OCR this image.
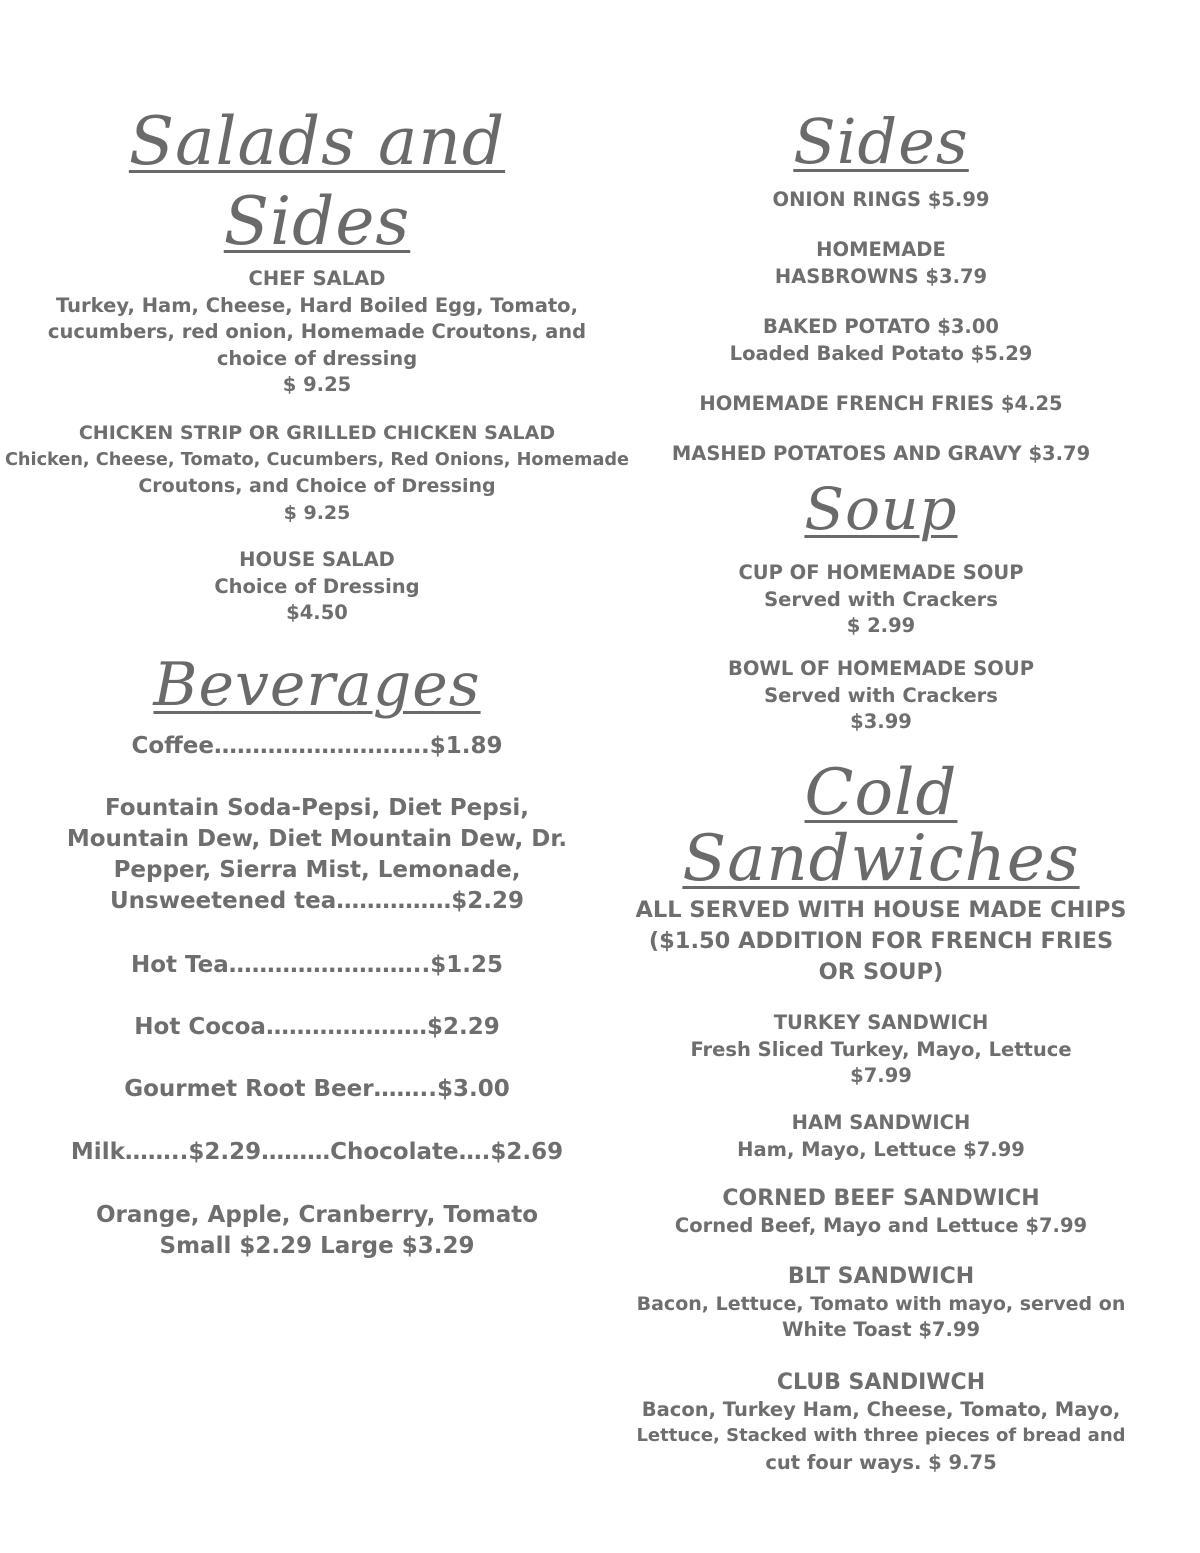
Salads and
Sides
CHEF SALAD
Turkey, Ham, Cheese, Hard Boiled Egg, Tomato,
cucumbers, red onion, Homemade Croutons, and
choice of dressing
$ 9.25
CHICKEN STRIP OR GRILLED CHICKEN SALAD
Chicken, Cheese, Tomato, Cucumbers, Red Onions, Homemade
Croutons, and Choice of Dressing
$ 9.25
HOUSE SALAD
Choice of Dressing
$4.50
Beverages
Coffee……………………….$1.89
Fountain Soda-Pepsi, Diet Pepsi,
Mountain Dew, Diet Mountain Dew, Dr.
Pepper, Sierra Mist, Lemonade,
Unsweetened tea……………$2.29
Hot Tea……………………..$1.25
Hot Cocoa…………………$2.29
Gourmet Root Beer……..$3.00
Milk……..$2.29………Chocolate….$2.69
Orange, Apple, Cranberry, Tomato
Small $2.29 Large $3.29
Sides
ONION RINGS $5.99
HOMEMADE
HASBROWNS $3.79
BAKED POTATO $3.00
Loaded Baked Potato $5.29
HOMEMADE FRENCH FRIES $4.25
MASHED POTATOES AND GRAVY $3.79
Soup
CUP OF HOMEMADE SOUP
Served with Crackers
$ 2.99
BOWL OF HOMEMADE SOUP
Served with Crackers
$3.99
Cold
Sandwiches
ALL SERVED WITH HOUSE MADE CHIPS
($1.50 ADDITION FOR FRENCH FRIES
OR SOUP)
TURKEY SANDWICH
Fresh Sliced Turkey, Mayo, Lettuce
$7.99
HAM SANDWICH
Ham, Mayo, Lettuce $7.99
CORNED BEEF SANDWICH
Corned Beef, Mayo and Lettuce $7.99
BLT SANDWICH
Bacon, Lettuce, Tomato with mayo, served on
White Toast $7.99
CLUB SANDIWCH
Bacon, Turkey Ham, Cheese, Tomato, Mayo,
Lettuce, Stacked with three pieces of bread and
cut four ways. $ 9.75
